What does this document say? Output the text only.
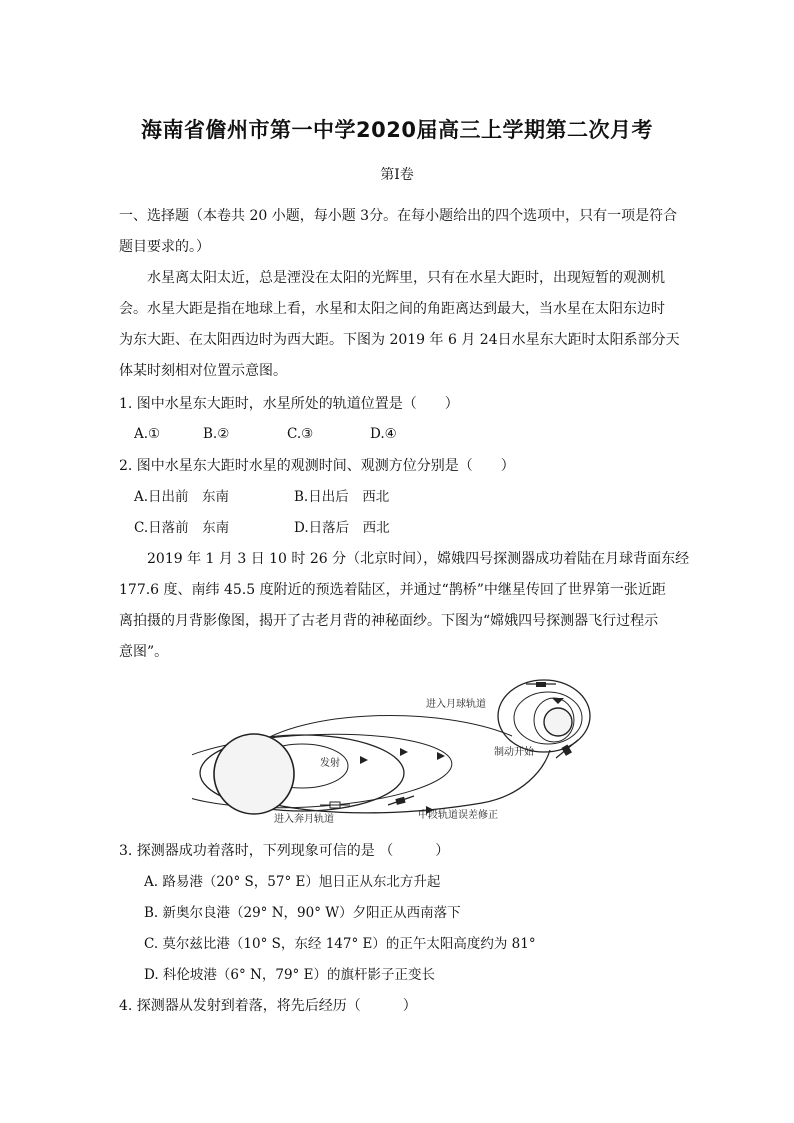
海南省儋州市第一中学2020届高三上学期第二次月考
第I卷
一、选择题（本卷共 20 小题，每小题 3分。在每小题给出的四个选项中，只有一项是符合
题目要求的。）
水星离太阳太近，总是湮没在太阳的光辉里，只有在水星大距时，出现短暂的观测机
会。水星大距是指在地球上看，水星和太阳之间的角距离达到最大，当水星在太阳东边时
为东大距、在太阳西边时为西大距。下图为 2019 年 6 月 24日水星东大距时太阳系部分天
体某时刻相对位置示意图。
1. 图中水星东大距时，水星所处的轨道位置是（　　）
A.①	B.②	C.③	D.④
2. 图中水星东大距时水星的观测时间、观测方位分别是（　　）
A.日出前　东南	B.日出后　西北
C.日落前　东南	D.日落后　西北
2019 年 1 月 3 日 10 时 26 分（北京时间），嫦娥四号探测器成功着陆在月球背面东经
177.6 度、南纬 45.5 度附近的预选着陆区，并通过“鹊桥”中继星传回了世界第一张近距
离拍摄的月背影像图，揭开了古老月背的神秘面纱。下图为“嫦娥四号探测器飞行过程示
意图”。
进入月球轨道
制动开始
发射
进入奔月轨道	中段轨道误差修正
3. 探测器成功着落时，下列现象可信的是 （　　　）
A. 路易港（20° S，57° E）旭日正从东北方升起
B. 新奥尔良港（29° N，90° W）夕阳正从西南落下
C. 莫尔兹比港（10° S，东经 147° E）的正午太阳高度约为 81°
D. 科伦坡港（6° N，79° E）的旗杆影子正变长
4. 探测器从发射到着落，将先后经历（　　　）
